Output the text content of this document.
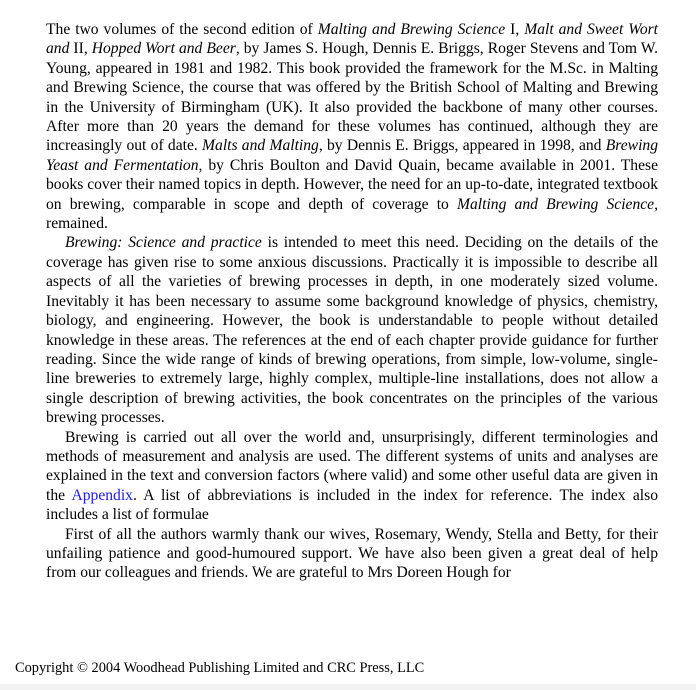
The two volumes of the second edition of Malting and Brewing Science I, Malt and Sweet Wort and II, Hopped Wort and Beer, by James S. Hough, Dennis E. Briggs, Roger Stevens and Tom W. Young, appeared in 1981 and 1982. This book provided the framework for the M.Sc. in Malting and Brewing Science, the course that was offered by the British School of Malting and Brewing in the University of Birmingham (UK). It also provided the backbone of many other courses. After more than 20 years the demand for these volumes has continued, although they are increasingly out of date. Malts and Malting, by Dennis E. Briggs, appeared in 1998, and Brewing Yeast and Fermentation, by Chris Boulton and David Quain, became available in 2001. These books cover their named topics in depth. However, the need for an up-to-date, integrated textbook on brewing, comparable in scope and depth of coverage to Malting and Brewing Science, remained.

Brewing: Science and practice is intended to meet this need. Deciding on the details of the coverage has given rise to some anxious discussions. Practically it is impossible to describe all aspects of all the varieties of brewing processes in depth, in one moderately sized volume. Inevitably it has been necessary to assume some background knowledge of physics, chemistry, biology, and engineering. However, the book is understandable to people without detailed knowledge in these areas. The references at the end of each chapter provide guidance for further reading. Since the wide range of kinds of brewing operations, from simple, low-volume, single-line breweries to extremely large, highly complex, multiple-line installations, does not allow a single description of brewing activities, the book concentrates on the principles of the various brewing processes.

Brewing is carried out all over the world and, unsurprisingly, different terminologies and methods of measurement and analysis are used. The different systems of units and analyses are explained in the text and conversion factors (where valid) and some other useful data are given in the Appendix. A list of abbreviations is included in the index for reference. The index also includes a list of formulae

First of all the authors warmly thank our wives, Rosemary, Wendy, Stella and Betty, for their unfailing patience and good-humoured support. We have also been given a great deal of help from our colleagues and friends. We are grateful to Mrs Doreen Hough for

Copyright © 2004 Woodhead Publishing Limited and CRC Press, LLC
